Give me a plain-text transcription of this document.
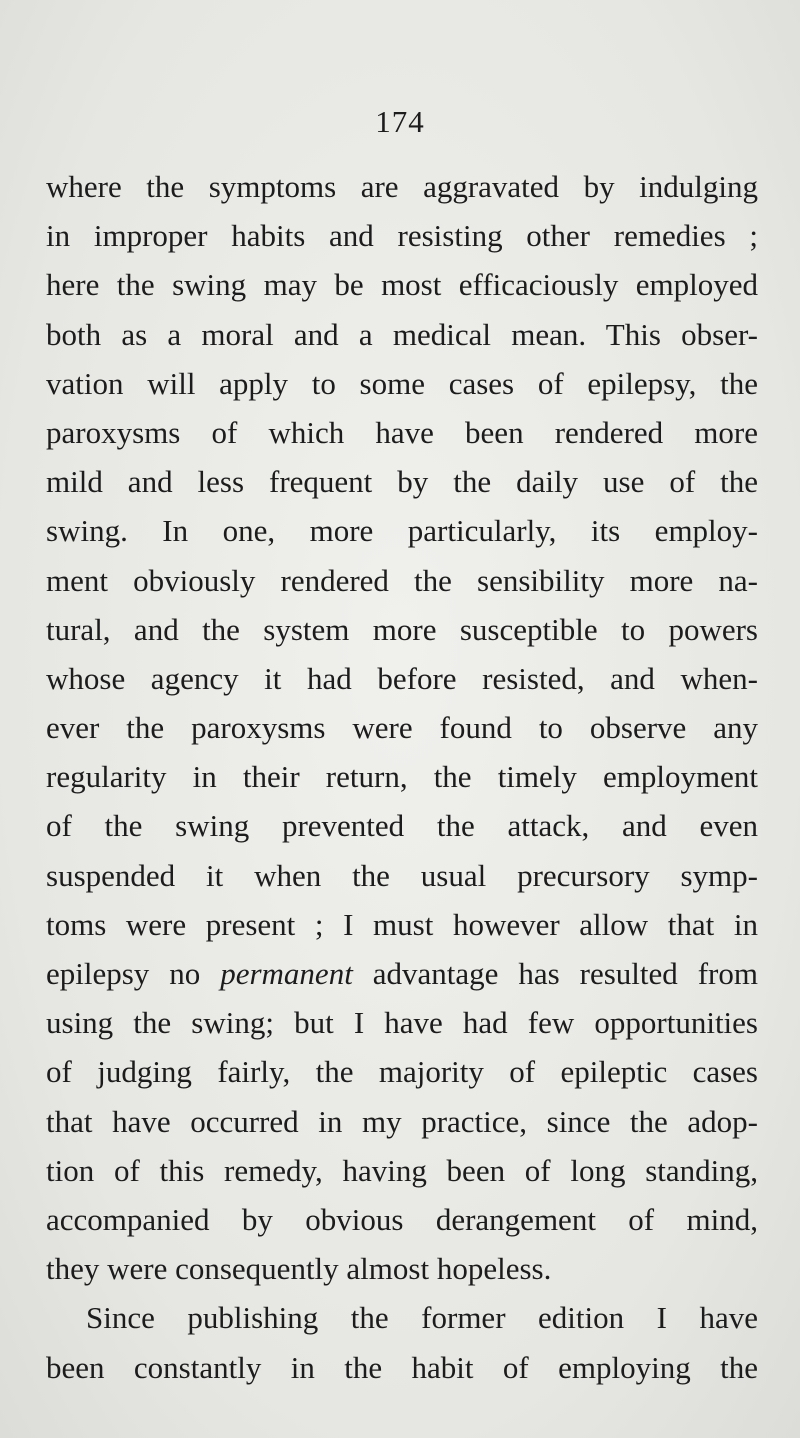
174
where the symptoms are aggravated by indulging
in improper habits and resisting other remedies ;
here the swing may be most efficaciously employed
both as a moral and a medical mean. This obser-
vation will apply to some cases of epilepsy, the
paroxysms of which have been rendered more
mild and less frequent by the daily use of the
swing. In one, more particularly, its employ-
ment obviously rendered the sensibility more na-
tural, and the system more susceptible to powers
whose agency it had before resisted, and when-
ever the paroxysms were found to observe any
regularity in their return, the timely employment
of the swing prevented the attack, and even
suspended it when the usual precursory symp-
toms were present ; I must however allow that in
epilepsy no permanent advantage has resulted from
using the swing; but I have had few opportunities
of judging fairly, the majority of epileptic cases
that have occurred in my practice, since the adop-
tion of this remedy, having been of long standing,
accompanied by obvious derangement of mind,
they were consequently almost hopeless.
Since publishing the former edition I have
been constantly in the habit of employing the
